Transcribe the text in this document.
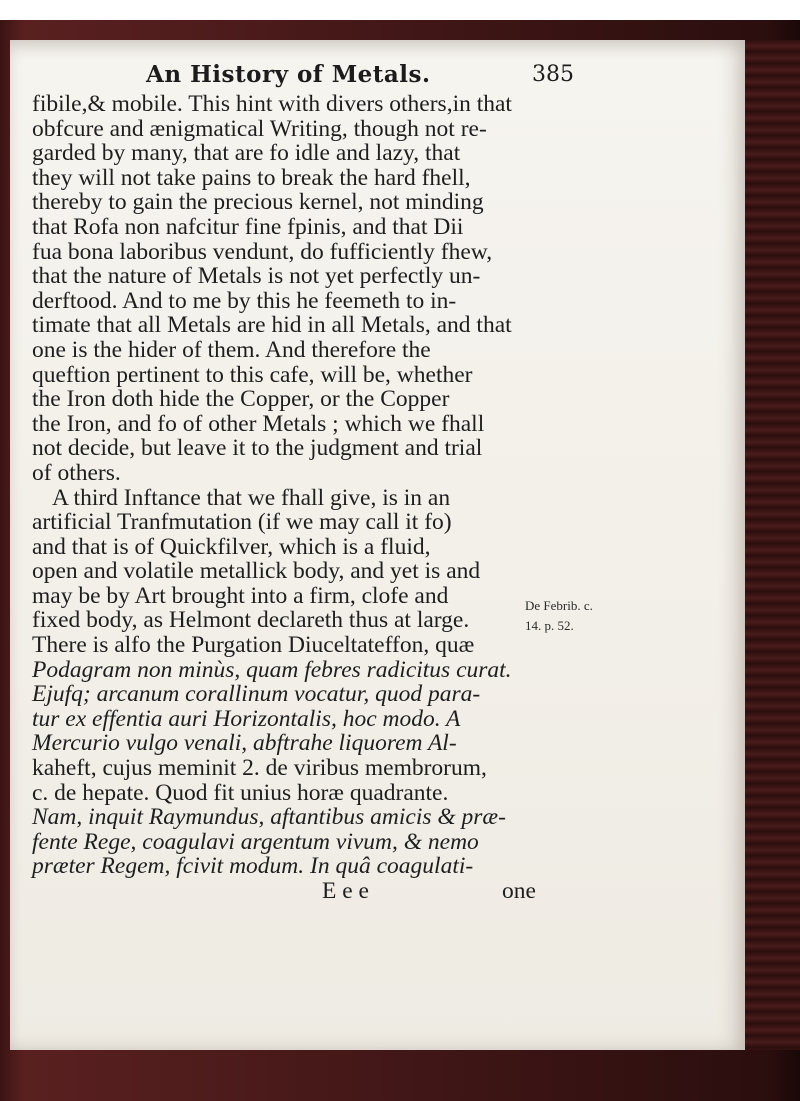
An History of Metals.	385
fibile,& mobile. This hint with divers others,in that
obfcure and ænigmatical Writing, though not re-
garded by many, that are fo idle and lazy, that
they will not take pains to break the hard fhell,
thereby to gain the precious kernel, not minding
that Rofa non nafcitur fine fpinis, and that Dii
fua bona laboribus vendunt, do fufficiently fhew,
that the nature of Metals is not yet perfectly un-
derftood. And to me by this he feemeth to in-
timate that all Metals are hid in all Metals, and that
one is the hider of them. And therefore the
queftion pertinent to this cafe, will be, whether
the Iron doth hide the Copper, or the Copper
the Iron, and fo of other Metals ; which we fhall
not decide, but leave it to the judgment and trial
of others.
A third Inftance that we fhall give, is in an
artificial Tranfmutation (if we may call it fo)
and that is of Quickfilver, which is a fluid,
open and volatile metallick body, and yet is and
may be by Art brought into a firm, clofe and
fixed body, as Helmont declareth thus at large.
There is alfo the Purgation Diuceltateffon, quæ
Podagram non minùs, quam febres radicitus curat.
Ejufq; arcanum corallinum vocatur, quod para-
tur ex effentia auri Horizontalis, hoc modo. A
Mercurio vulgo venali, abftrahe liquorem Al-
kaheft, cujus meminit 2. de viribus membrorum,
c. de hepate. Quod fit unius horæ quadrante.
Nam, inquit Raymundus, aftantibus amicis & præ-
fente Rege, coagulavi argentum vivum, & nemo
præter Regem, fcivit modum. In quâ coagulati-
E e e	one
De Febrib. c.
14. p. 52.
